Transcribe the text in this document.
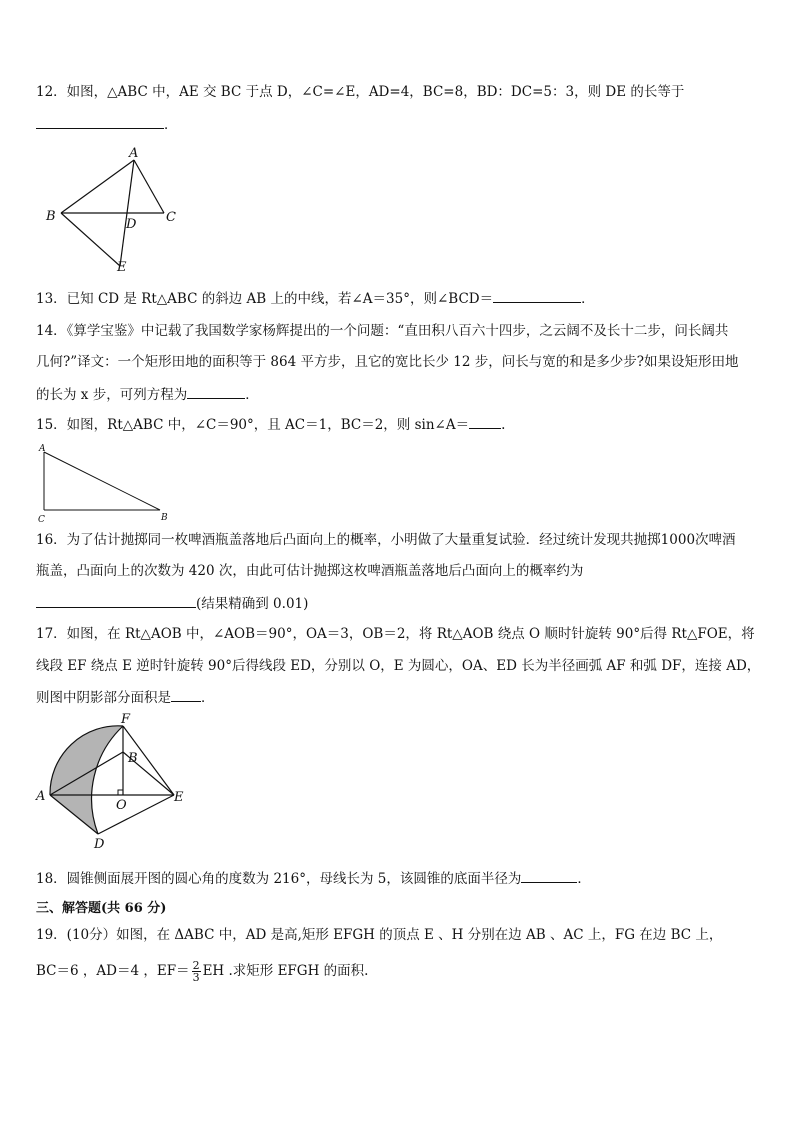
12．如图，△ABC 中，AE 交 BC 于点 D，∠C=∠E，AD=4，BC=8，BD：DC=5：3，则 DE 的长等于
．
A
B	C
D
E
13．已知 CD 是 Rt△ABC 的斜边 AB 上的中线，若∠A＝35°，则∠BCD＝	．
14．《算学宝鉴》中记载了我国数学家杨辉提出的一个问题：“直田积八百六十四步，之云阔不及长十二步，问长阔共
几何?”译文：一个矩形田地的面积等于 864 平方步，且它的宽比长少 12 步，问长与宽的和是多少步?如果设矩形田地
的长为 x 步，可列方程为	．
15．如图，Rt△ABC 中，∠C＝90°，且 AC＝1，BC＝2，则 sin∠A＝ .
A
C	B
16．为了估计抛掷同一枚啤酒瓶盖落地后凸面向上的概率，小明做了大量重复试验．经过统计发现共抛掷1000次啤酒
瓶盖，凸面向上的次数为 420 次，由此可估计抛掷这枚啤酒瓶盖落地后凸面向上的概率约为
(结果精确到 0.01)
17．如图，在 Rt△AOB 中，∠AOB＝90°，OA＝3，OB＝2，将 Rt△AOB 绕点 O 顺时针旋转 90°后得 Rt△FOE，将
线段 EF 绕点 E 逆时针旋转 90°后得线段 ED，分别以 O，E 为圆心，OA、ED 长为半径画弧 AF 和弧 DF，连接 AD，
则图中阴影部分面积是 ．
F
B
A
O
E
D
18．圆锥侧面展开图的圆心角的度数为 216°，母线长为 5，该圆锥的底面半径为	．
三、解答题(共 66 分)
19．(10分）如图，在 ΔABC 中，AD 是高,矩形 EFGH 的顶点 E 、H 分别在边 AB 、AC 上，FG 在边 BC 上，
BC＝6 ，AD＝4 ，$EF= \frac{2}{3}$ EH .求矩形 EFGH 的面积.
